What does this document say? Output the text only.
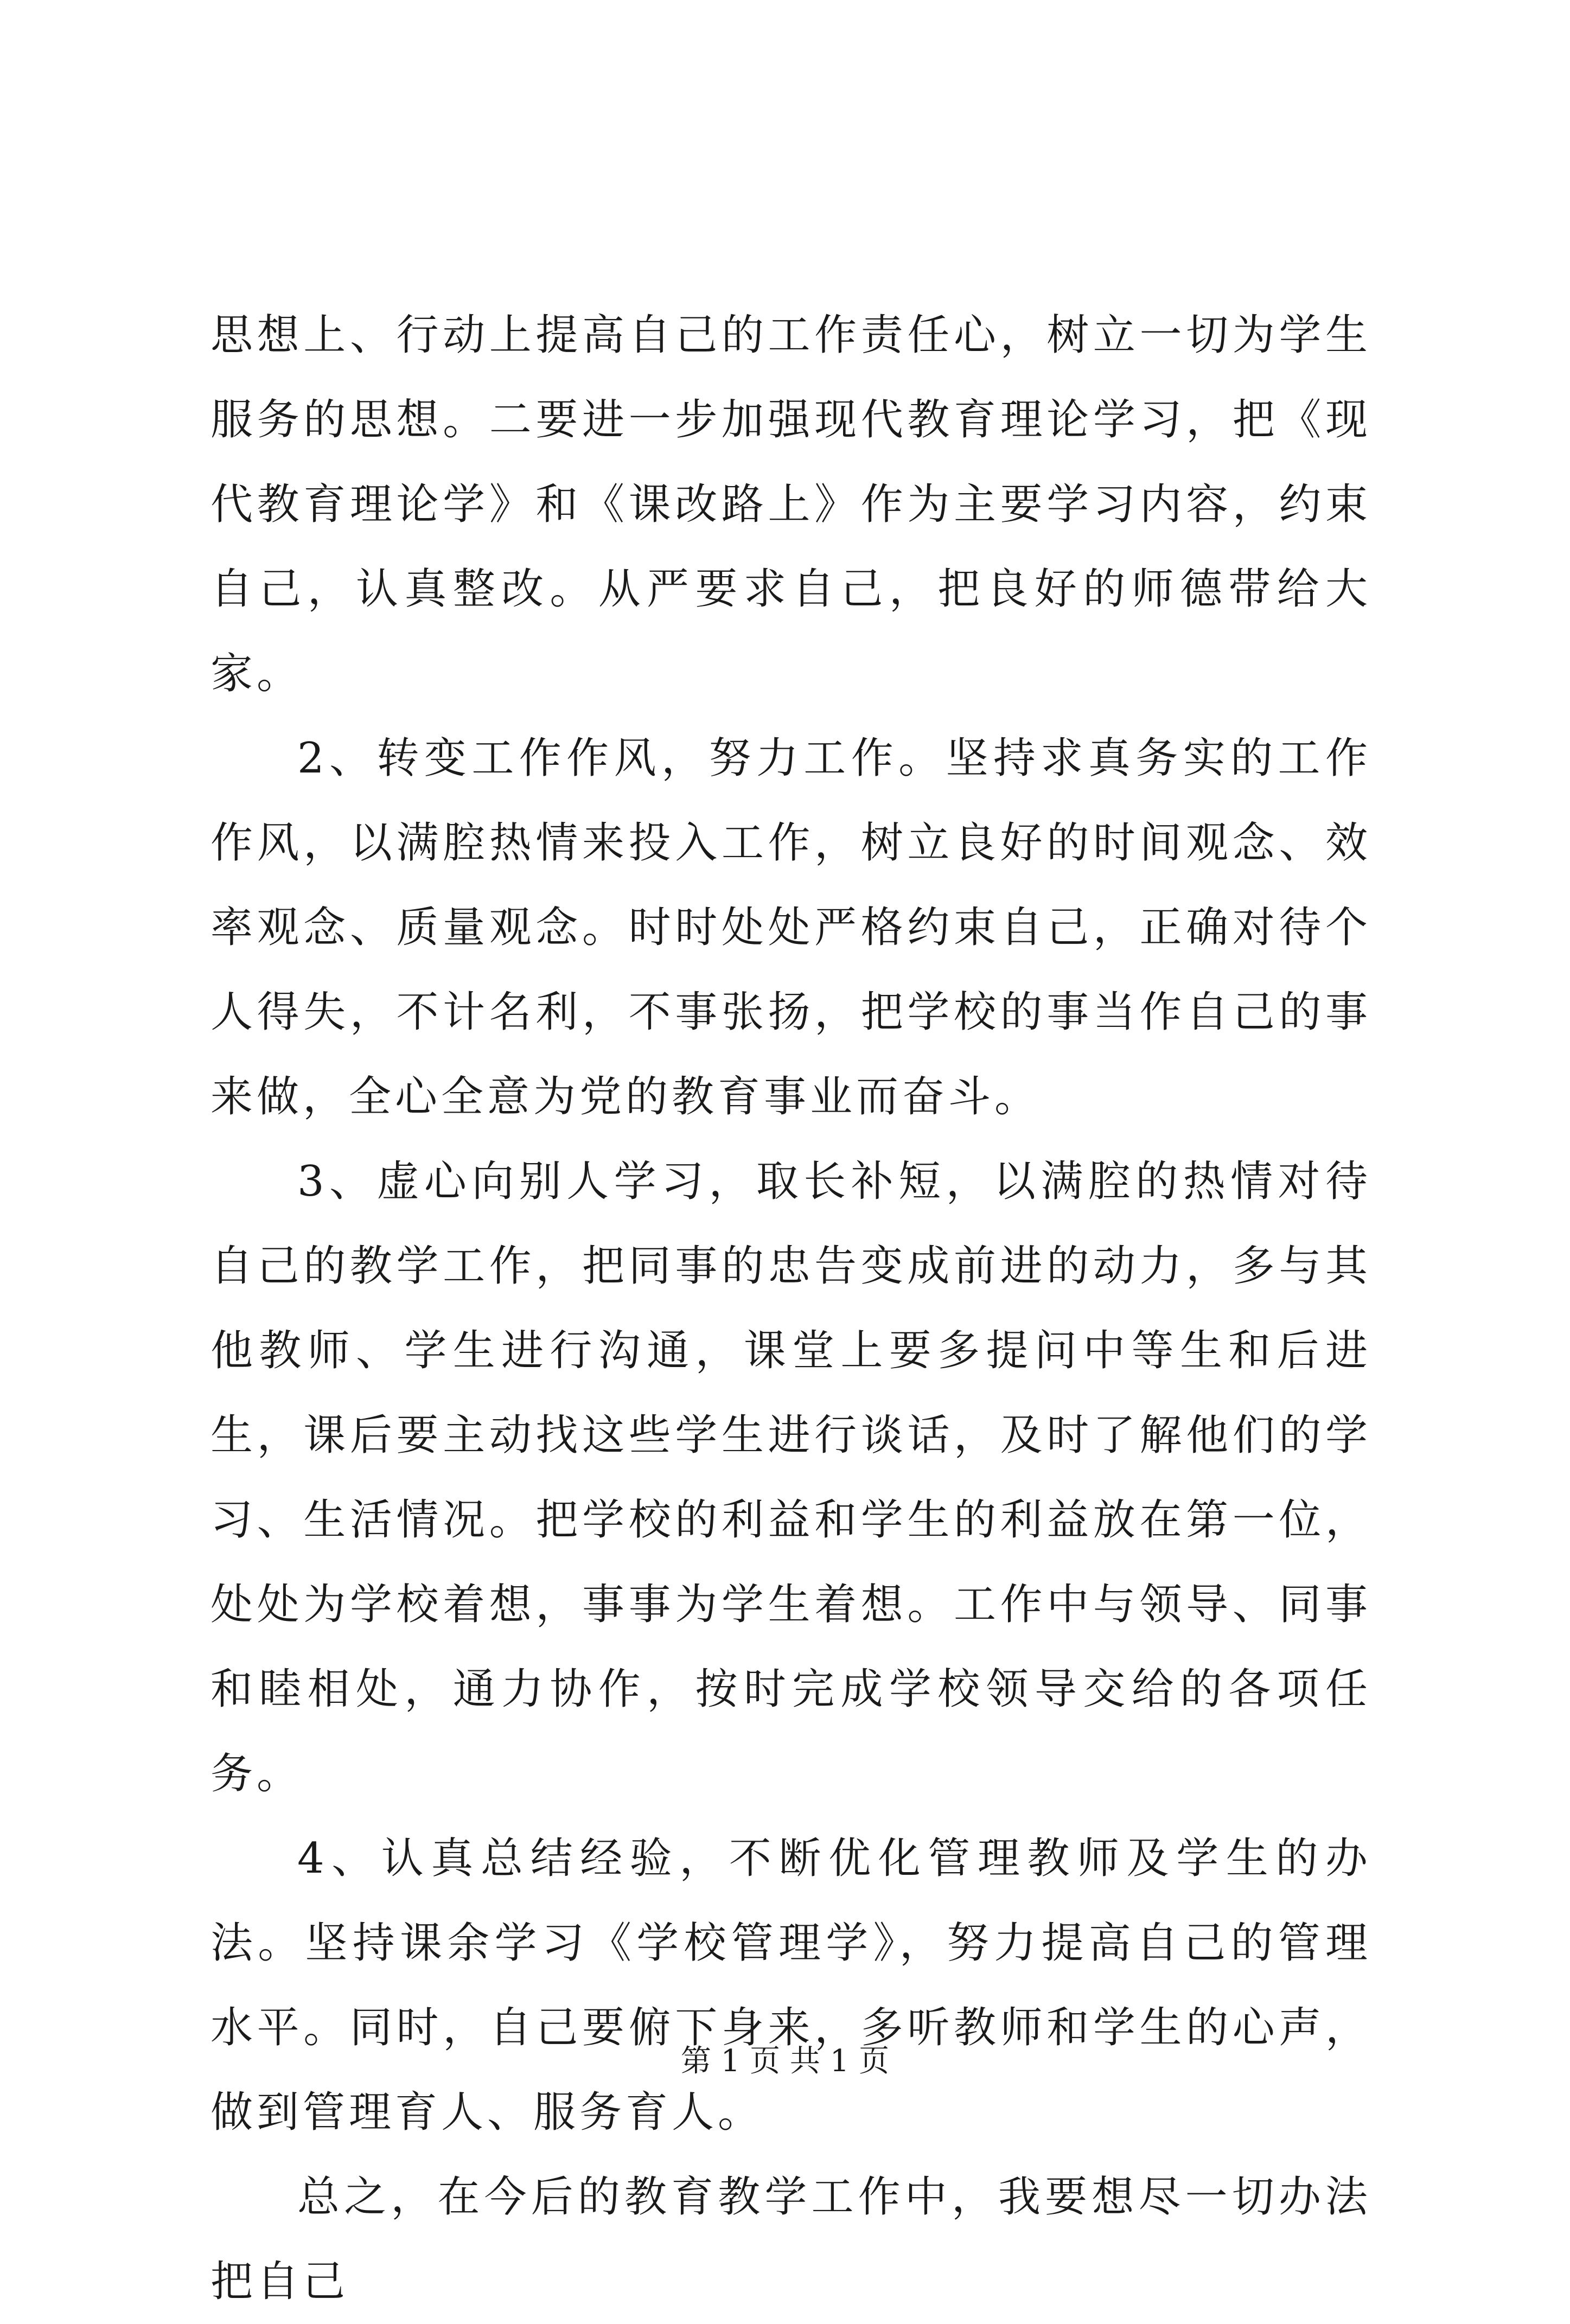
思想上、行动上提高自己的工作责任心，树立一切为学生服务的思想。二要进一步加强现代教育理论学习，把《现代教育理论学》和《课改路上》作为主要学习内容，约束自己，认真整改。从严要求自己，把良好的师德带给大家。

2、转变工作作风，努力工作。坚持求真务实的工作作风，以满腔热情来投入工作，树立良好的时间观念、效率观念、质量观念。时时处处严格约束自己，正确对待个人得失，不计名利，不事张扬，把学校的事当作自己的事来做，全心全意为党的教育事业而奋斗。

3、虚心向别人学习，取长补短，以满腔的热情对待自己的教学工作，把同事的忠告变成前进的动力，多与其他教师、学生进行沟通，课堂上要多提问中等生和后进生，课后要主动找这些学生进行谈话，及时了解他们的学习、生活情况。把学校的利益和学生的利益放在第一位，处处为学校着想，事事为学生着想。工作中与领导、同事和睦相处，通力协作，按时完成学校领导交给的各项任务。

4、认真总结经验，不断优化管理教师及学生的办法。坚持课余学习《学校管理学》，努力提高自己的管理水平。同时，自己要俯下身来，多听教师和学生的心声，做到管理育人、服务育人。

总之，在今后的教育教学工作中，我要想尽一切办法把自己

第 1 页 共 1 页
